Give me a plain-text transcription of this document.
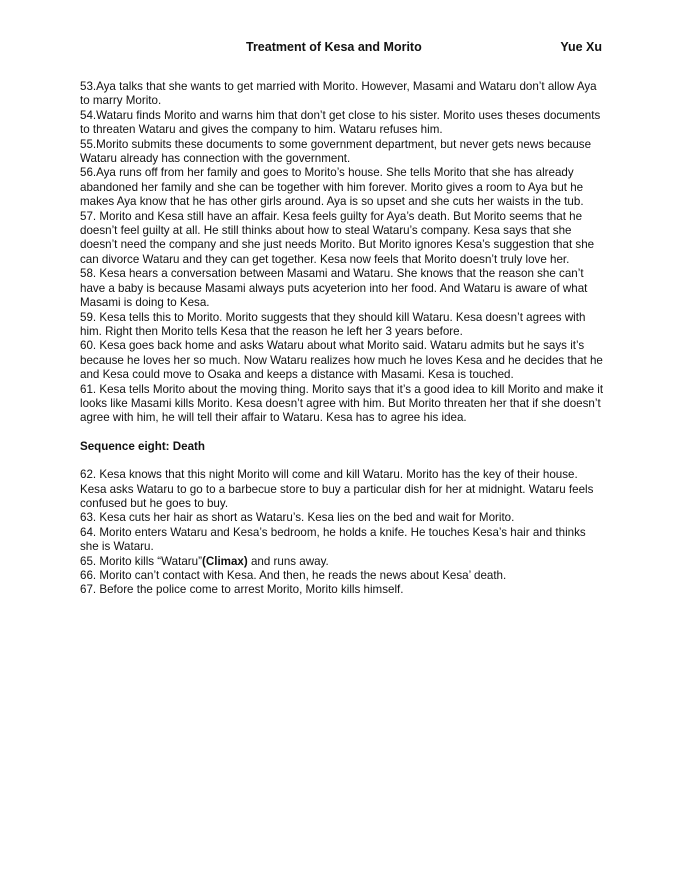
Treatment of Kesa and Morito	Yue Xu

53.Aya talks that she wants to get married with Morito. However, Masami and Wataru don’t allow Aya to marry Morito.

54.Wataru finds Morito and warns him that don’t get close to his sister. Morito uses theses documents to threaten Wataru and gives the company to him. Wataru refuses him.

55.Morito submits these documents to some government department, but never gets news because Wataru already has connection with the government.

56.Aya runs off from her family and goes to Morito’s house. She tells Morito that she has already abandoned her family and she can be together with him forever. Morito gives a room to Aya but he makes Aya know that he has other girls around. Aya is so upset and she cuts her waists in the tub.

57. Morito and Kesa still have an affair. Kesa feels guilty for Aya’s death. But Morito seems that he doesn’t feel guilty at all. He still thinks about how to steal Wataru’s company. Kesa says that she doesn’t need the company and she just needs Morito. But Morito ignores Kesa’s suggestion that she can divorce Wataru and they can get together. Kesa now feels that Morito doesn’t truly love her.

58. Kesa hears a conversation between Masami and Wataru. She knows that the reason she can’t have a baby is because Masami always puts acyeterion into her food. And Wataru is aware of what Masami is doing to Kesa.

59. Kesa tells this to Morito. Morito suggests that they should kill Wataru. Kesa doesn’t agrees with him. Right then Morito tells Kesa that the reason he left her 3 years before.

60. Kesa goes back home and asks Wataru about what Morito said. Wataru admits but he says it’s because he loves her so much. Now Wataru realizes how much he loves Kesa and he decides that he and Kesa could move to Osaka and keeps a distance with Masami. Kesa is touched.

61. Kesa tells Morito about the moving thing. Morito says that it’s a good idea to kill Morito and make it looks like Masami kills Morito. Kesa doesn’t agree with him. But Morito threaten her that if she doesn’t agree with him, he will tell their affair to Wataru. Kesa has to agree his idea.

Sequence eight: Death

62. Kesa knows that this night Morito will come and kill Wataru. Morito has the key of their house. Kesa asks Wataru to go to a barbecue store to buy a particular dish for her at midnight. Wataru feels confused but he goes to buy.

63. Kesa cuts her hair as short as Wataru’s. Kesa lies on the bed and wait for Morito.

64. Morito enters Wataru and Kesa’s bedroom, he holds a knife. He touches Kesa’s hair and thinks she is Wataru.

65. Morito kills “Wataru”(Climax) and runs away.

66. Morito can’t contact with Kesa. And then, he reads the news about Kesa’ death.

67. Before the police come to arrest Morito, Morito kills himself.
